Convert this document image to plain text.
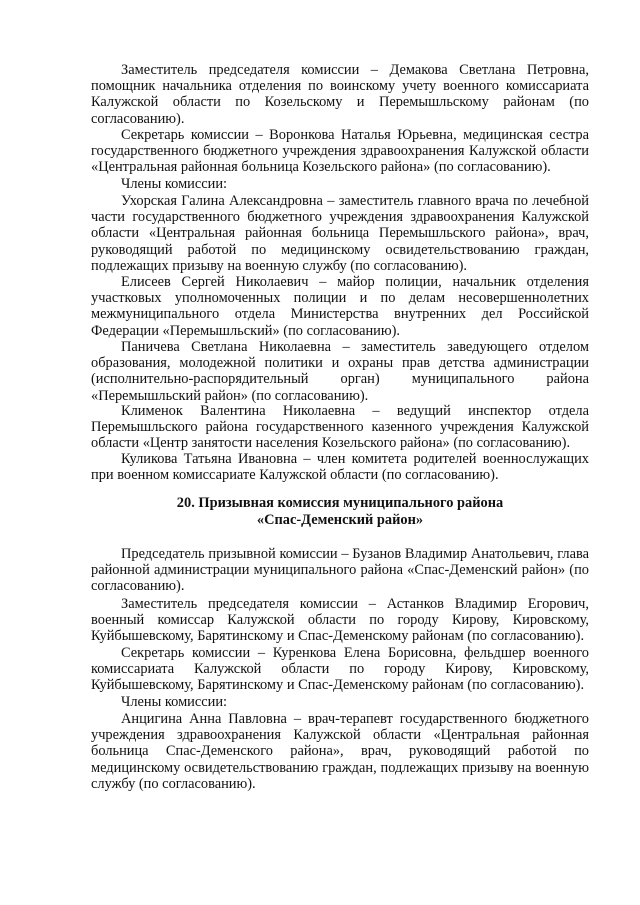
Заместитель председателя комиссии – Демакова Светлана Петровна, помощник начальника отделения по воинскому учету военного комиссариата Калужской области по Козельскому и Перемышльскому районам (по согласованию).

Секретарь комиссии – Воронкова Наталья Юрьевна, медицинская сестра государственного бюджетного учреждения здравоохранения Калужской области «Центральная районная больница Козельского района» (по согласованию).

Члены комиссии:

Ухорская Галина Александровна – заместитель главного врача по лечебной части государственного бюджетного учреждения здравоохранения Калужской области «Центральная районная больница Перемышльского района», врач, руководящий работой по медицинскому освидетельствованию граждан, подлежащих призыву на военную службу (по согласованию).

Елисеев Сергей Николаевич – майор полиции, начальник отделения участковых уполномоченных полиции и по делам несовершеннолетних межмуниципального отдела Министерства внутренних дел Российской Федерации «Перемышльский» (по согласованию).

Паничева Светлана Николаевна – заместитель заведующего отделом образования, молодежной политики и охраны прав детства администрации (исполнительно-распорядительный орган) муниципального района «Перемышльский район» (по согласованию).

Клименок Валентина Николаевна – ведущий инспектор отдела Перемышльского района государственного казенного учреждения Калужской области «Центр занятости населения Козельского района» (по согласованию).

Куликова Татьяна Ивановна – член комитета родителей военнослужащих при военном комиссариате Калужской области (по согласованию).

20. Призывная комиссия муниципального района
«Спас-Деменский район»

Председатель призывной комиссии – Бузанов Владимир Анатольевич, глава районной администрации муниципального района «Спас-Деменский район» (по согласованию).

Заместитель председателя комиссии – Астанков Владимир Егорович, военный комиссар Калужской области по городу Кирову, Кировскому, Куйбышевскому, Барятинскому и Спас-Деменскому районам (по согласованию).

Секретарь комиссии – Куренкова Елена Борисовна, фельдшер военного комиссариата Калужской области по городу Кирову, Кировскому, Куйбышевскому, Барятинскому и Спас-Деменскому районам (по согласованию).

Члены комиссии:

Анцигина Анна Павловна – врач-терапевт государственного бюджетного учреждения здравоохранения Калужской области «Центральная районная больница Спас-Деменского района», врач, руководящий работой по медицинскому освидетельствованию граждан, подлежащих призыву на военную службу (по согласованию).
